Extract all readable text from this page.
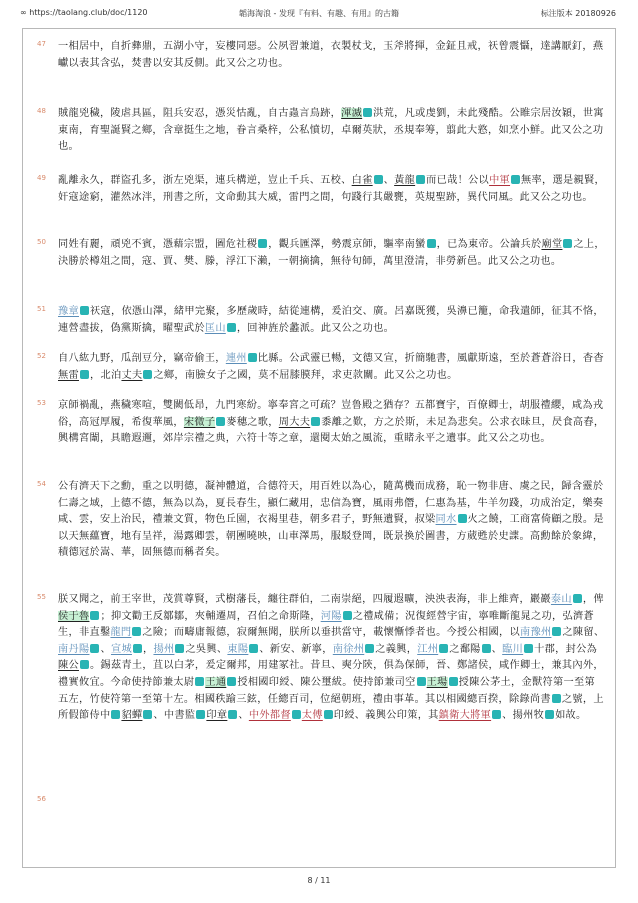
∞ https://taolang.club/doc/1120	韜海淘浪 - 发现『有料、有趣、有用』的古籍	标注版本 20180926
47	一相居中，自折彝鼎，五湖小守，妄樓同惡。公夙習兼道，衣製杖戈，玉斧將揮，金鉦且戒，祆曾震懾，達講厭釘，燕巘以表其含弘，焚書以安其反側。此又公之功也。
48	賊龍兇穢，陵虐具區，阻兵安忍，憑災怙亂，自古蟲言鳥跡，渾滅 洪荒，凡或虔劉，未此殘酷。公睢宗居汝穎，世寓東南，育聖誕賢之鄉，含章挺生之地，眷言桑梓，公私憤切，卓爾英狀，丞規奉筹，翦此大憝，如烹小鮮。此又公之功也。
49	亂離永久，群盜孔多，浙左兇渠，連兵構逆，豈止千兵、五校、白雀 、黃龍 而已哉！公以中軍 無率，選是親賢，奸寇途窮，灌然冰泮，刑書之所，文命動其大威，雷門之間，句踐行其嚴甕，英規聖跡，異代同風。此又公之功也。
50	同姓有麗，頑兇不賓，憑藉宗盟，圖危社稷 ，觀兵匯澤，勢震京師，驅率南蠻 ，已為東帝。公論兵於廟堂 之上，決勝於樽俎之間，寇、賈、樊、滕，浮江下瀨，一朝摘擒，無待旬師，萬里澄清，非勞新邑。此又公之功也。
51	豫章 祆寇，依憑山澤，緒甲完聚，多歷歲時，結從連構，爰泊交、廣。呂嘉既獲，吳濞已籠，命我遣師，征其不恪，連營盡拔，偽黨斯擒，曜聖武於匡山 ，回神旌於蠡派。此又公之功也。
52	自八紘九野，瓜剖豆分，竊帝偷王，連州 比縣。公武靈已暢，文德又宣，折簡馳書，風獻斯遠，至於蒼蒼浴日，杳杳無雷 ，北泊丈夫 之鄉，南臉女子之國，莫不屈膝膜拜，求吏款關。此又公之功也。
53	京師禍亂，燕穢寒喧，雙闕低昂，九門寒紛。寧奉宮之可疏？豈鲁殿之猶存？五都寶宇，百僚卿士，胡服禮纓，咸為戎俗，高冠厚履，希復華風，宋微子 麥穗之歌，周大夫 黍離之歎，方之於斯，未足為悲矣。公求衣昧旦，昃食高舂，興構宮闈，具瞻遐邇，郊岸宗禮之典，六符十等之章，還閱太始之風流，重睹永平之遺事。此又公之功也。
54	公有濟天下之勳，重之以明德，凝神體道，合德符天，用百姓以為心，隨萬機而成務，恥一物非唐、虞之民，歸含靈於仁壽之域，上德不德，無為以為，夏長春生，顯仁藏用，忠信為寶，風雨弗僭，仁惠為基，牛羊勿踐，功成治定，樂奏咸、雲，安上治民，禮兼文質，物色丘園，衣褐里巷，朝多君子，野無遺賢，叔梁同水 火之饒，工商富倚顧之殷。是以天無蘊寶，地有呈祥，湯露卿雲，朝團曉映，山車澤馬，服駁登岡，既景換於圖書，方葳甦於史諜。高勳餘於象緯，積德冠於嵩、華，固無德而稱者矣。
55	朕又聞之，前王宰世，茂賞尊賢，式樹藩長，纏往群伯，二南崇絕，四履遐曠，泱泱表海，非上維齊，巖巖泰山 ，俾侯于魯 ；抑文勸王反鄒鄒，夾輔遷周，召伯之命斯隆，河陽 之禮咸備；況復經營宇宙，寧唯斷龍晁之功，弘濟蒼生，非直鑿龍門 之險；而疇庸報德，寂爾無聞，朕所以垂拱當守，載懷慚悸者也。今授公相國，以南豫州 之陳留、南丹陽 、宣城 ，揚州 之吳興、東陽 、新安、新寧，南徐州 之義興，江州 之鄱陽 、臨川 十郡，封公為陳公 。錫茲青土，苴以白茅，爰定爾邦，用建冢社。昔旦、奭分陝，俱為保師，晉、鄭諸侯，咸作卿士，兼其內外，禮實攸宜。今命使持節兼太尉 王通 授相國印綬、陳公璽紱。使持節兼司空 王瑒 授陳公茅土，金獸符第一至第五左，竹使符第一至第十左。相國秩踰三鉉，任總百司，位絕朝班，禮由事革。其以相國總百揆，除錄尚書 之號，上所假節侍中 貂蟬 、中書監 印章 、中外都督 太傅 印綬、義興公印策，其鎮衛大將軍 、揚州牧 如故。
56
8 / 11
